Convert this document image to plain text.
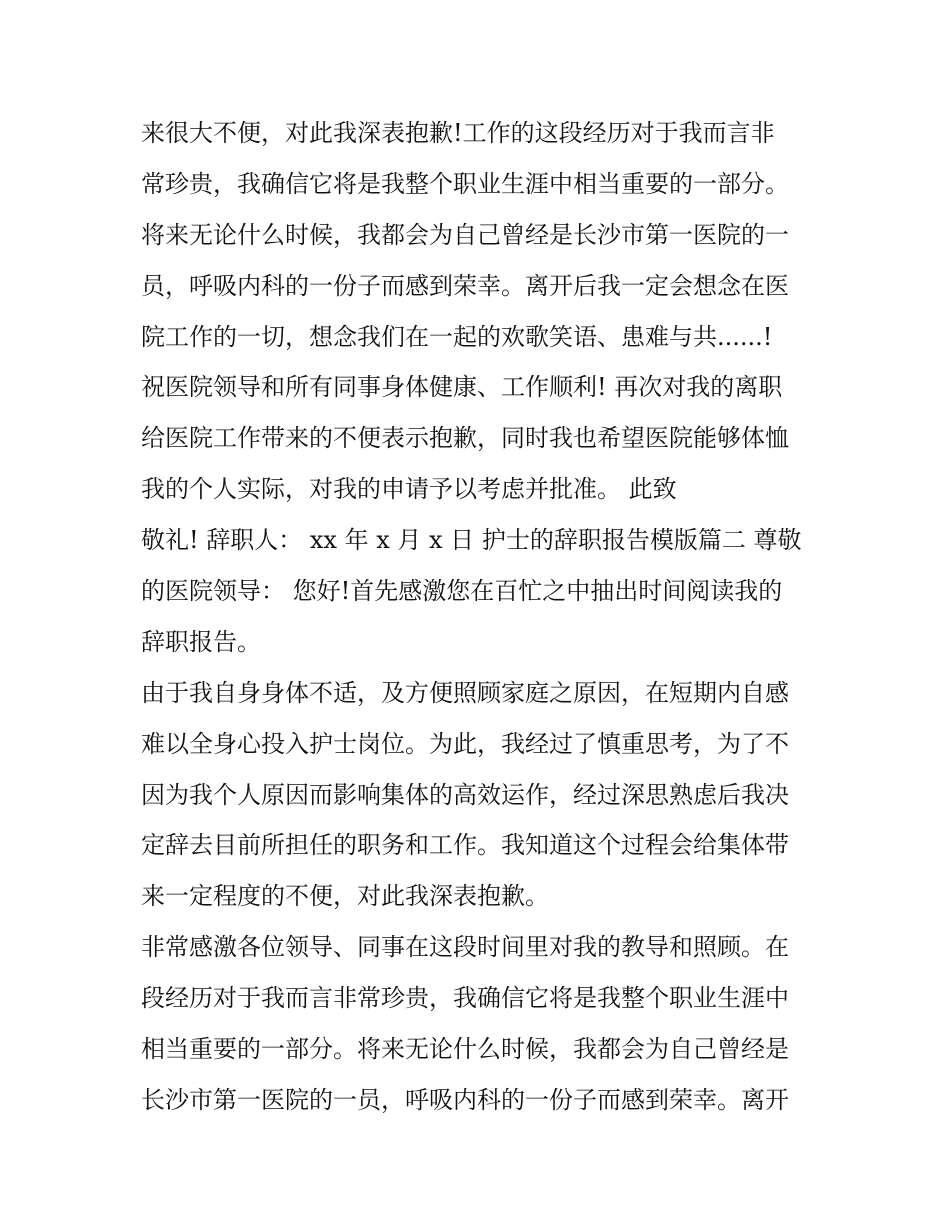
来很大不便，对此我深表抱歉!工作的这段经历对于我而言非
常珍贵，我确信它将是我整个职业生涯中相当重要的一部分。
将来无论什么时候，我都会为自己曾经是长沙市第一医院的一
员，呼吸内科的一份子而感到荣幸。离开后我一定会想念在医
院工作的一切，想念我们在一起的欢歌笑语、患难与共......!
祝医院领导和所有同事身体健康、工作顺利! 再次对我的离职
给医院工作带来的不便表示抱歉，同时我也希望医院能够体恤
我的个人实际，对我的申请予以考虑并批准。 此致
敬礼! 辞职人： xx 年 x 月 x 日 护士的辞职报告模版篇二 尊敬
的医院领导： 您好!首先感激您在百忙之中抽出时间阅读我的
辞职报告。
由于我自身身体不适，及方便照顾家庭之原因，在短期内自感
难以全身心投入护士岗位。为此，我经过了慎重思考，为了不
因为我个人原因而影响集体的高效运作，经过深思熟虑后我决
定辞去目前所担任的职务和工作。我知道这个过程会给集体带
来一定程度的不便，对此我深表抱歉。
非常感激各位领导、同事在这段时间里对我的教导和照顾。在
段经历对于我而言非常珍贵，我确信它将是我整个职业生涯中
相当重要的一部分。将来无论什么时候，我都会为自己曾经是
长沙市第一医院的一员，呼吸内科的一份子而感到荣幸。离开
